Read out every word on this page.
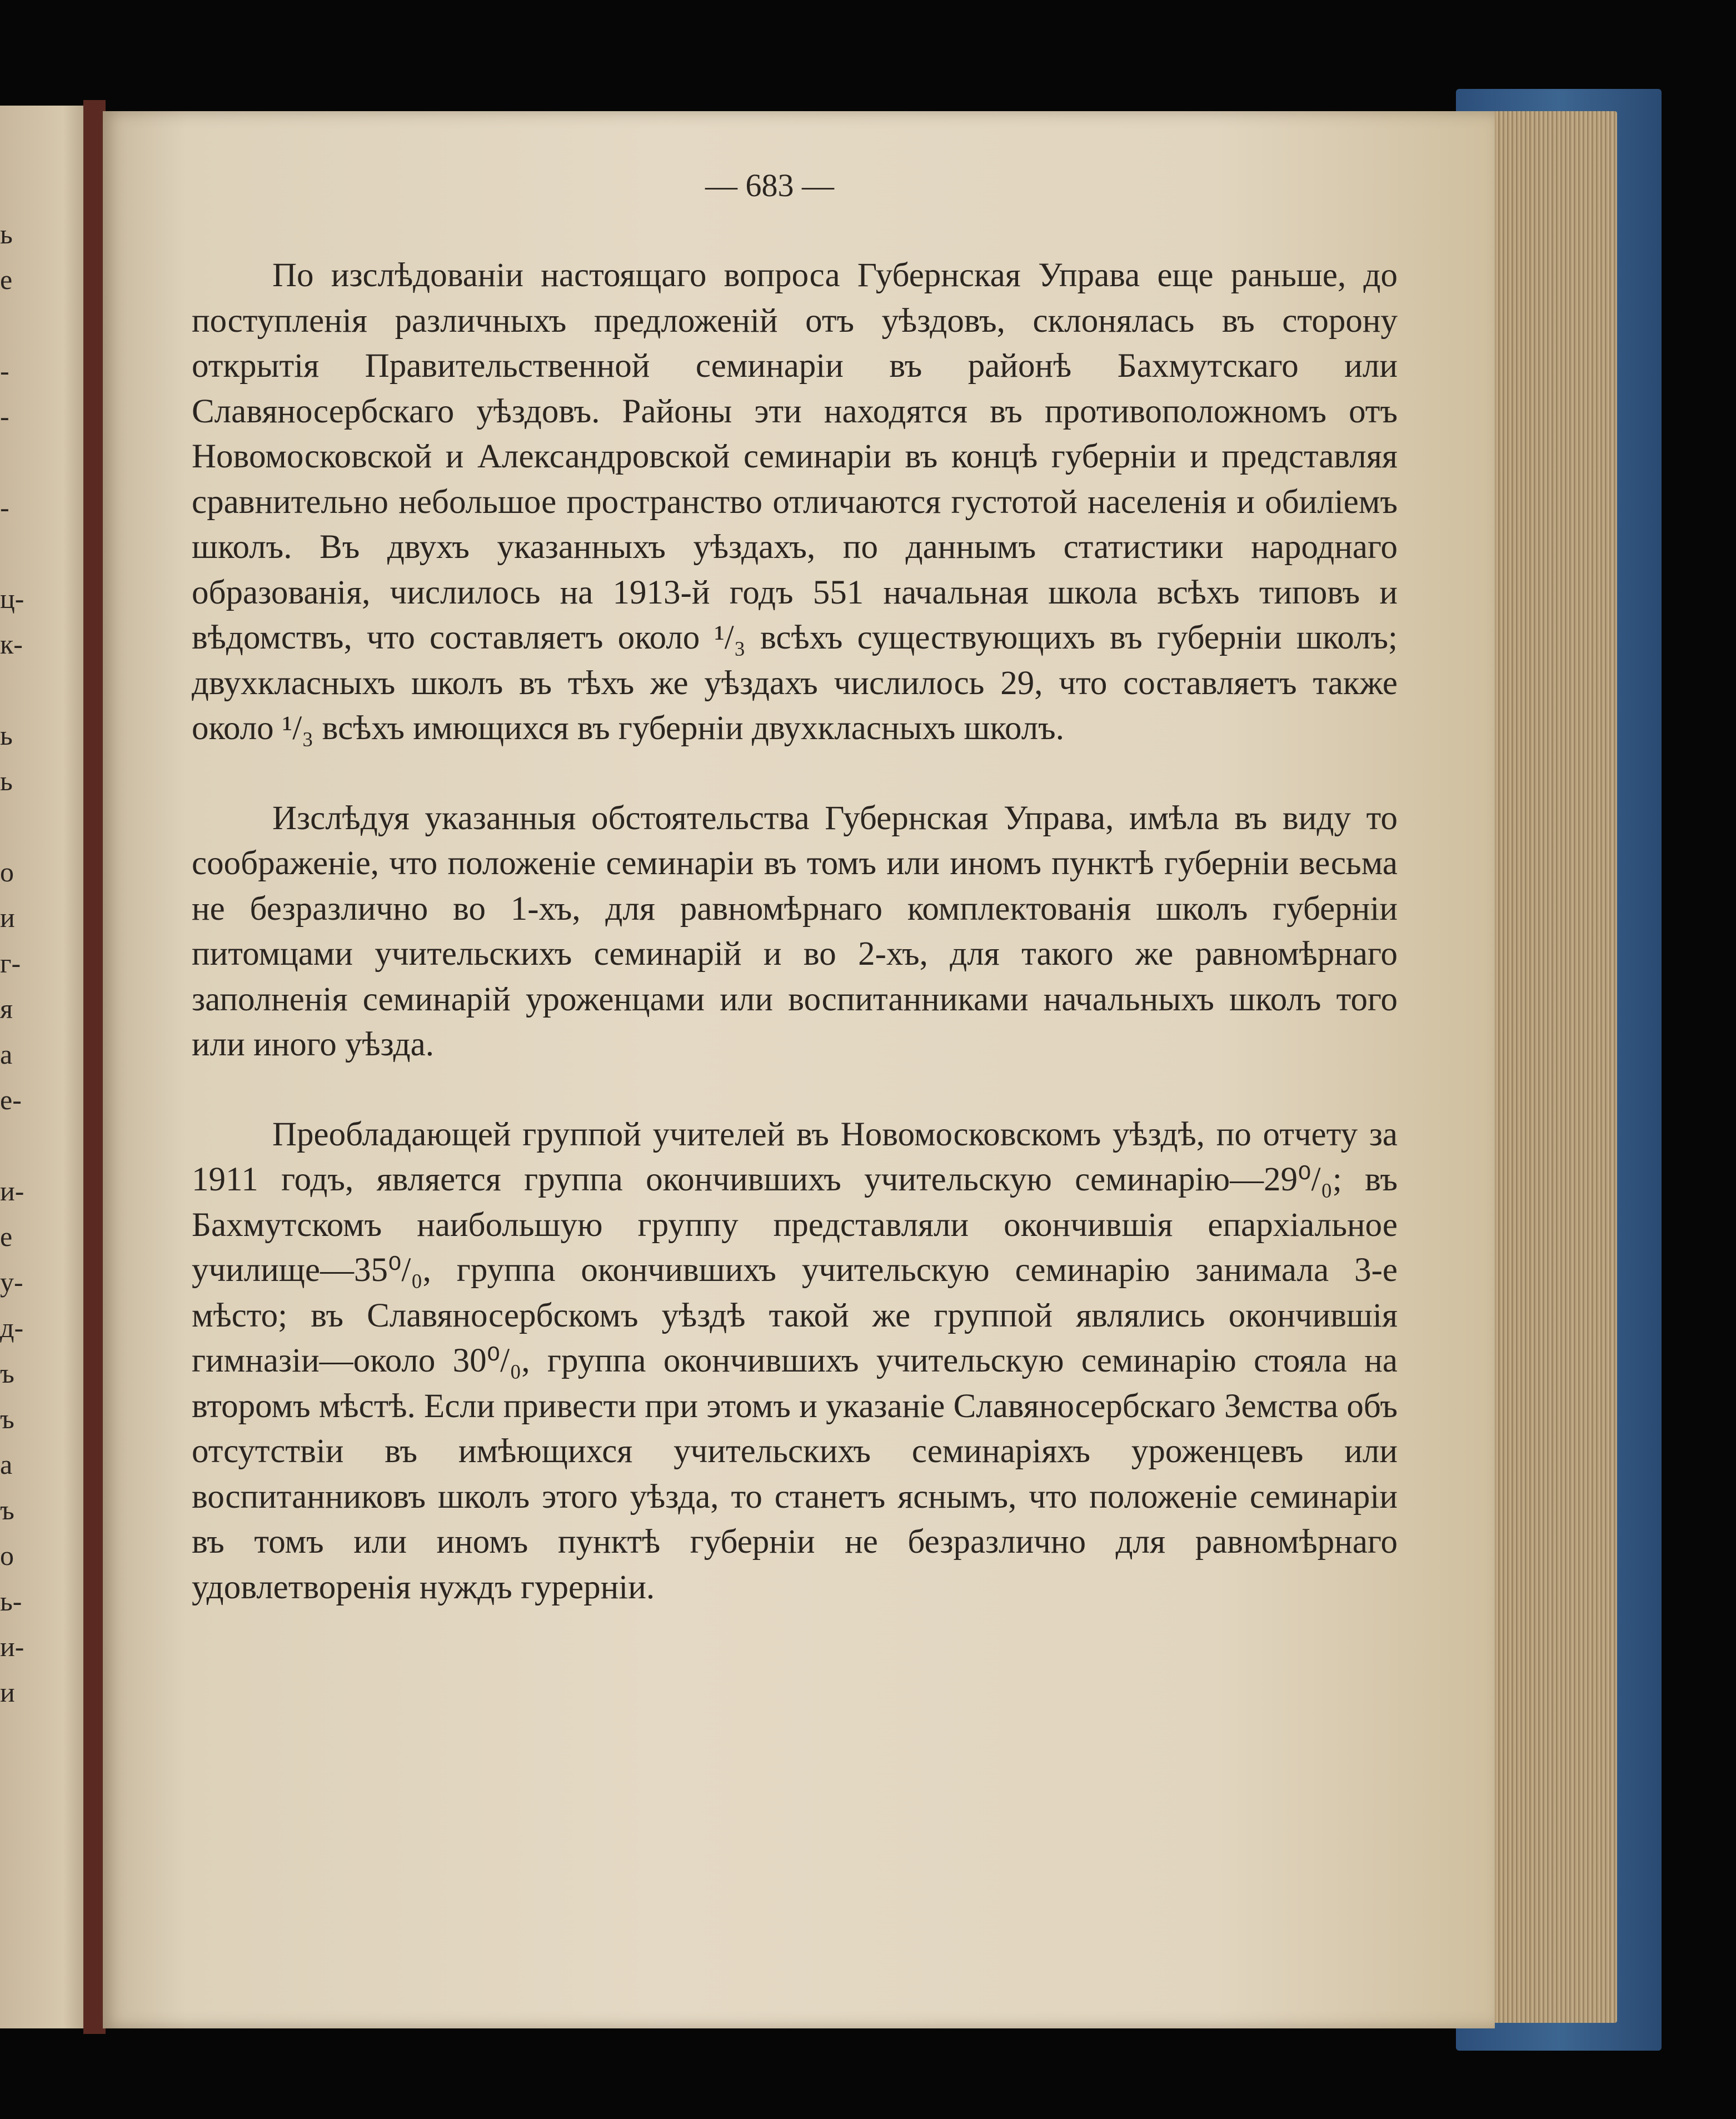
ь
е
-
-
-
ц-
к-
ь
ь
о
и
г-
я
а
е-
и-
е
у-
д-
ъ
ъ
а
ъ
о
ь-
и-
и
— 683 —

По изслѣдованіи настоящаго вопроса Губернская Управа еще раньше, до поступленія различныхъ предложеній отъ уѣздовъ, склонялась въ сторону открытія Правительственной семинаріи въ районѣ Бахмутскаго или Славяносербскаго уѣздовъ. Районы эти находятся въ противоположномъ отъ Новомосковской и Александровской семинаріи въ концѣ губерніи и представляя сравнительно небольшое пространство отличаются густотой населенія и обиліемъ школъ. Въ двухъ указанныхъ уѣздахъ, по даннымъ статистики народнаго образованія, числилось на 1913-й годъ 551 начальная школа всѣхъ типовъ и вѣдомствъ, что составляетъ около ¹/₃ всѣхъ существующихъ въ губерніи школъ; двухкласныхъ школъ въ тѣхъ же уѣздахъ числилось 29, что составляетъ также около ¹/₃ всѣхъ имющихся въ губерніи двухкласныхъ школъ.

Изслѣдуя указанныя обстоятельства Губернская Управа, имѣла въ виду то соображеніе, что положеніе семинаріи въ томъ или иномъ пунктѣ губерніи весьма не безразлично во 1-хъ, для равномѣрнаго комплектованія школъ губерніи питомцами учительскихъ семинарій и во 2-хъ, для такого же равномѣрнаго заполненія семинарій уроженцами или воспитанниками начальныхъ школъ того или иного уѣзда.

Преобладающей группой учителей въ Новомосковскомъ уѣздѣ, по отчету за 1911 годъ, является группа окончившихъ учительскую семинарію—29⁰/₀; въ Бахмутскомъ наибольшую группу представляли окончившія епархіальное училище—35⁰/₀, группа окончившихъ учительскую семинарію занимала 3-е мѣсто; въ Славяносербскомъ уѣздѣ такой же группой являлись окончившія гимназіи—около 30⁰/₀, группа окончившихъ учительскую семинарію стояла на второмъ мѣстѣ. Если привести при этомъ и указаніе Славяносербскаго Земства объ отсутствіи въ имѣющихся учительскихъ семинаріяхъ уроженцевъ или воспитанниковъ школъ этого уѣзда, то станетъ яснымъ, что положеніе семинаріи въ томъ или иномъ пунктѣ губерніи не безразлично для равномѣрнаго удовлетворенія нуждъ гурерніи.
